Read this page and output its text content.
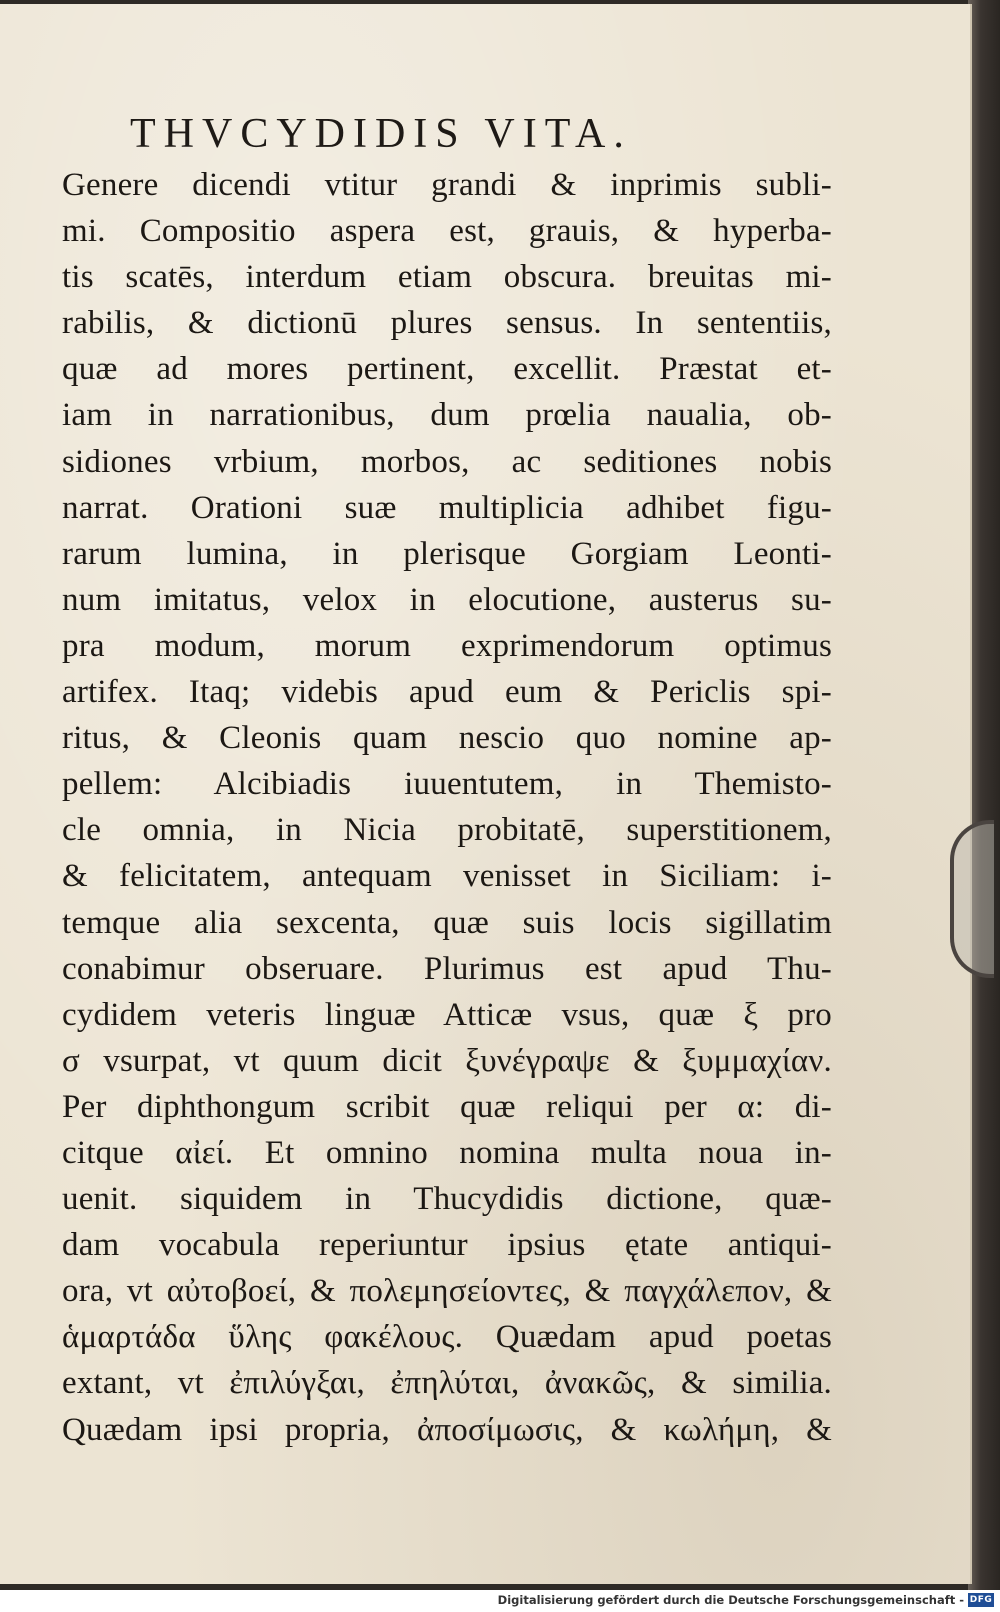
THVCYDIDIS VITA.
Genere dicendi vtitur grandi & inprimis subli-
mi. Compositio aspera est, grauis, & hyperba-
tis scatēs, interdum etiam obscura. breuitas mi-
rabilis, & dictionū plures sensus. In sententiis,
quæ ad mores pertinent, excellit. Præstat et-
iam in narrationibus, dum prœlia naualia, ob-
sidiones vrbium, morbos, ac seditiones nobis
narrat. Orationi suæ multiplicia adhibet figu-
rarum lumina, in plerisque Gorgiam Leonti-
num imitatus, velox in elocutione, austerus su-
pra modum, morum exprimendorum optimus
artifex. Itaq; videbis apud eum & Periclis spi-
ritus, & Cleonis quam nescio quo nomine ap-
pellem: Alcibiadis iuuentutem, in Themisto-
cle omnia, in Nicia probitatē, superstitionem,
& felicitatem, antequam venisset in Siciliam: i-
temque alia sexcenta, quæ suis locis sigillatim
conabimur obseruare. Plurimus est apud Thu-
cydidem veteris linguæ Atticæ vsus, quæ ξ pro
σ vsurpat, vt quum dicit ξυνέγραψε & ξυμμαχίαν.
Per diphthongum scribit quæ reliqui per α: di-
citque αἰεί. Et omnino nomina multa noua in-
uenit. siquidem in Thucydidis dictione, quæ-
dam vocabula reperiuntur ipsius ętate antiqui-
ora, vt αὐτοβοεί, & πολεμησείοντες, & παγχάλεπον, &
ἁμαρτάδα ὕλης φακέλους. Quædam apud poetas
extant, vt ἐπιλύγξαι, ἐπηλύται, ἀνακῶς, & similia.
Quædam ipsi propria, ἀποσίμωσις, & κωλήμη, &
Digitalisierung gefördert durch die Deutsche Forschungsgemeinschaft - DFG
